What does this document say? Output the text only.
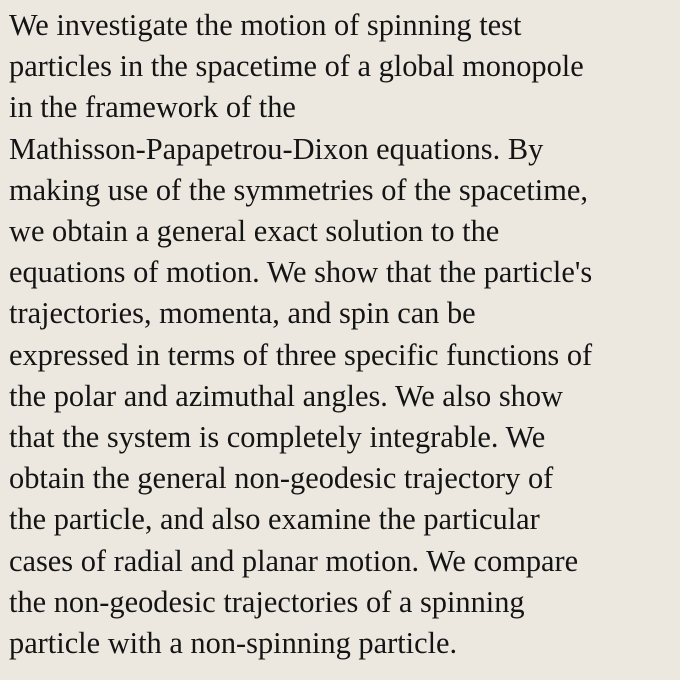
We investigate the motion of spinning test
particles in the spacetime of a global monopole
in the framework of the
Mathisson-Papapetrou-Dixon equations. By
making use of the symmetries of the spacetime,
we obtain a general exact solution to the
equations of motion. We show that the particle's
trajectories, momenta, and spin can be
expressed in terms of three specific functions of
the polar and azimuthal angles. We also show
that the system is completely integrable. We
obtain the general non-geodesic trajectory of
the particle, and also examine the particular
cases of radial and planar motion. We compare
the non-geodesic trajectories of a spinning
particle with a non-spinning particle.
